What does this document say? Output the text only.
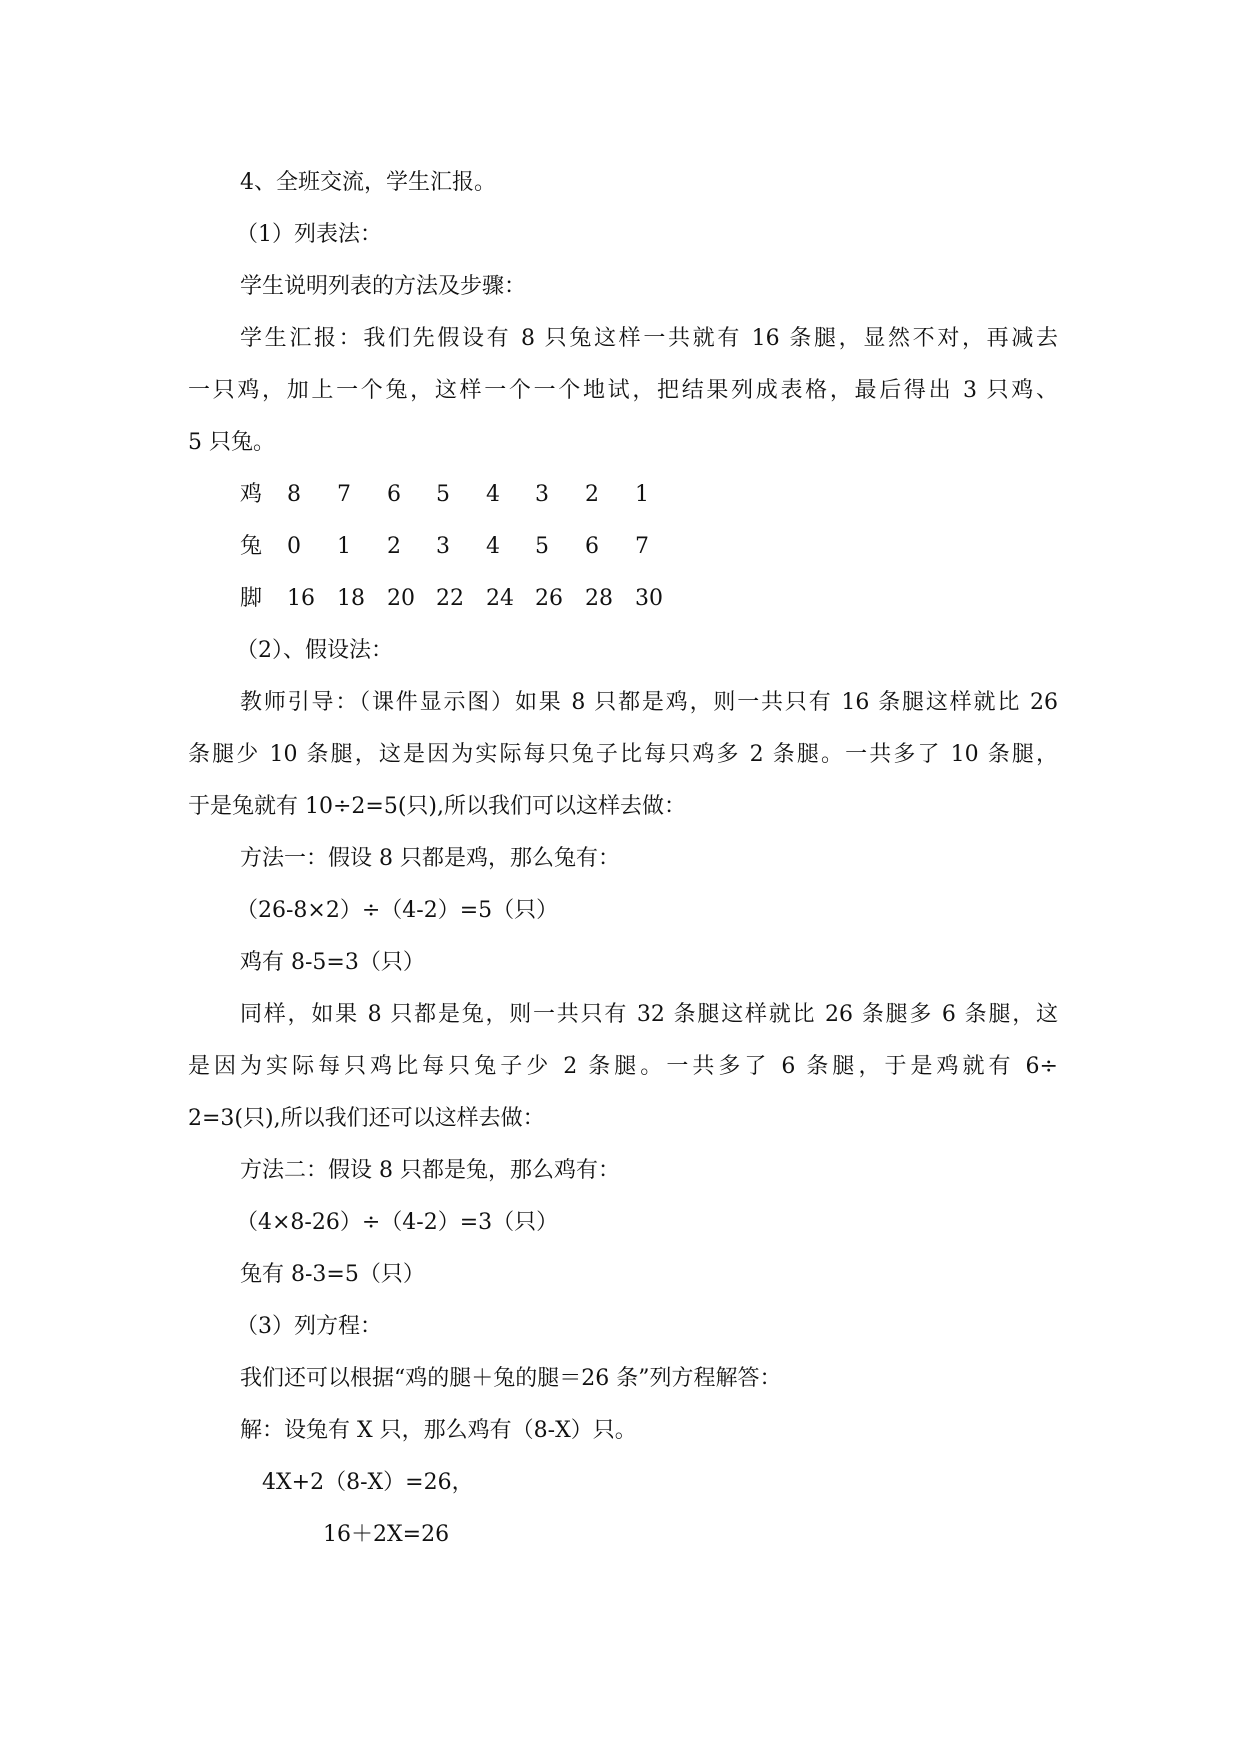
4、全班交流，学生汇报。

（1）列表法：

学生说明列表的方法及步骤：

学生汇报：我们先假设有 8 只兔这样一共就有 16 条腿，显然不对，再减去

一只鸡，加上一个兔，这样一个一个地试，把结果列成表格，最后得出 3 只鸡、

5 只兔。

鸡 8 7 6 5 4 3 2 1
兔 0 1 2 3 4 5 6 7
脚 16 18 20 22 24 26 28 30

（2）、假设法：

教师引导：（课件显示图）如果 8 只都是鸡，则一共只有 16 条腿这样就比 26

条腿少 10 条腿，这是因为实际每只兔子比每只鸡多 2 条腿。一共多了 10 条腿，

于是兔就有 10÷2=5(只),所以我们可以这样去做：

方法一：假设 8 只都是鸡，那么兔有：

（26-8×2）÷（4-2）=5（只）

鸡有 8-5=3（只）

同样，如果 8 只都是兔，则一共只有 32 条腿这样就比 26 条腿多 6 条腿，这

是因为实际每只鸡比每只兔子少 2 条腿。一共多了 6 条腿，于是鸡就有 6÷

2=3(只),所以我们还可以这样去做：

方法二：假设 8 只都是兔，那么鸡有：

（4×8-26）÷（4-2）=3（只）

兔有 8-3=5（只）

（3）列方程：

我们还可以根据“鸡的腿＋兔的腿＝26 条”列方程解答：

解：设兔有 X 只，那么鸡有（8-X）只。

4X+2（8-X）=26，

16＋2X=26
